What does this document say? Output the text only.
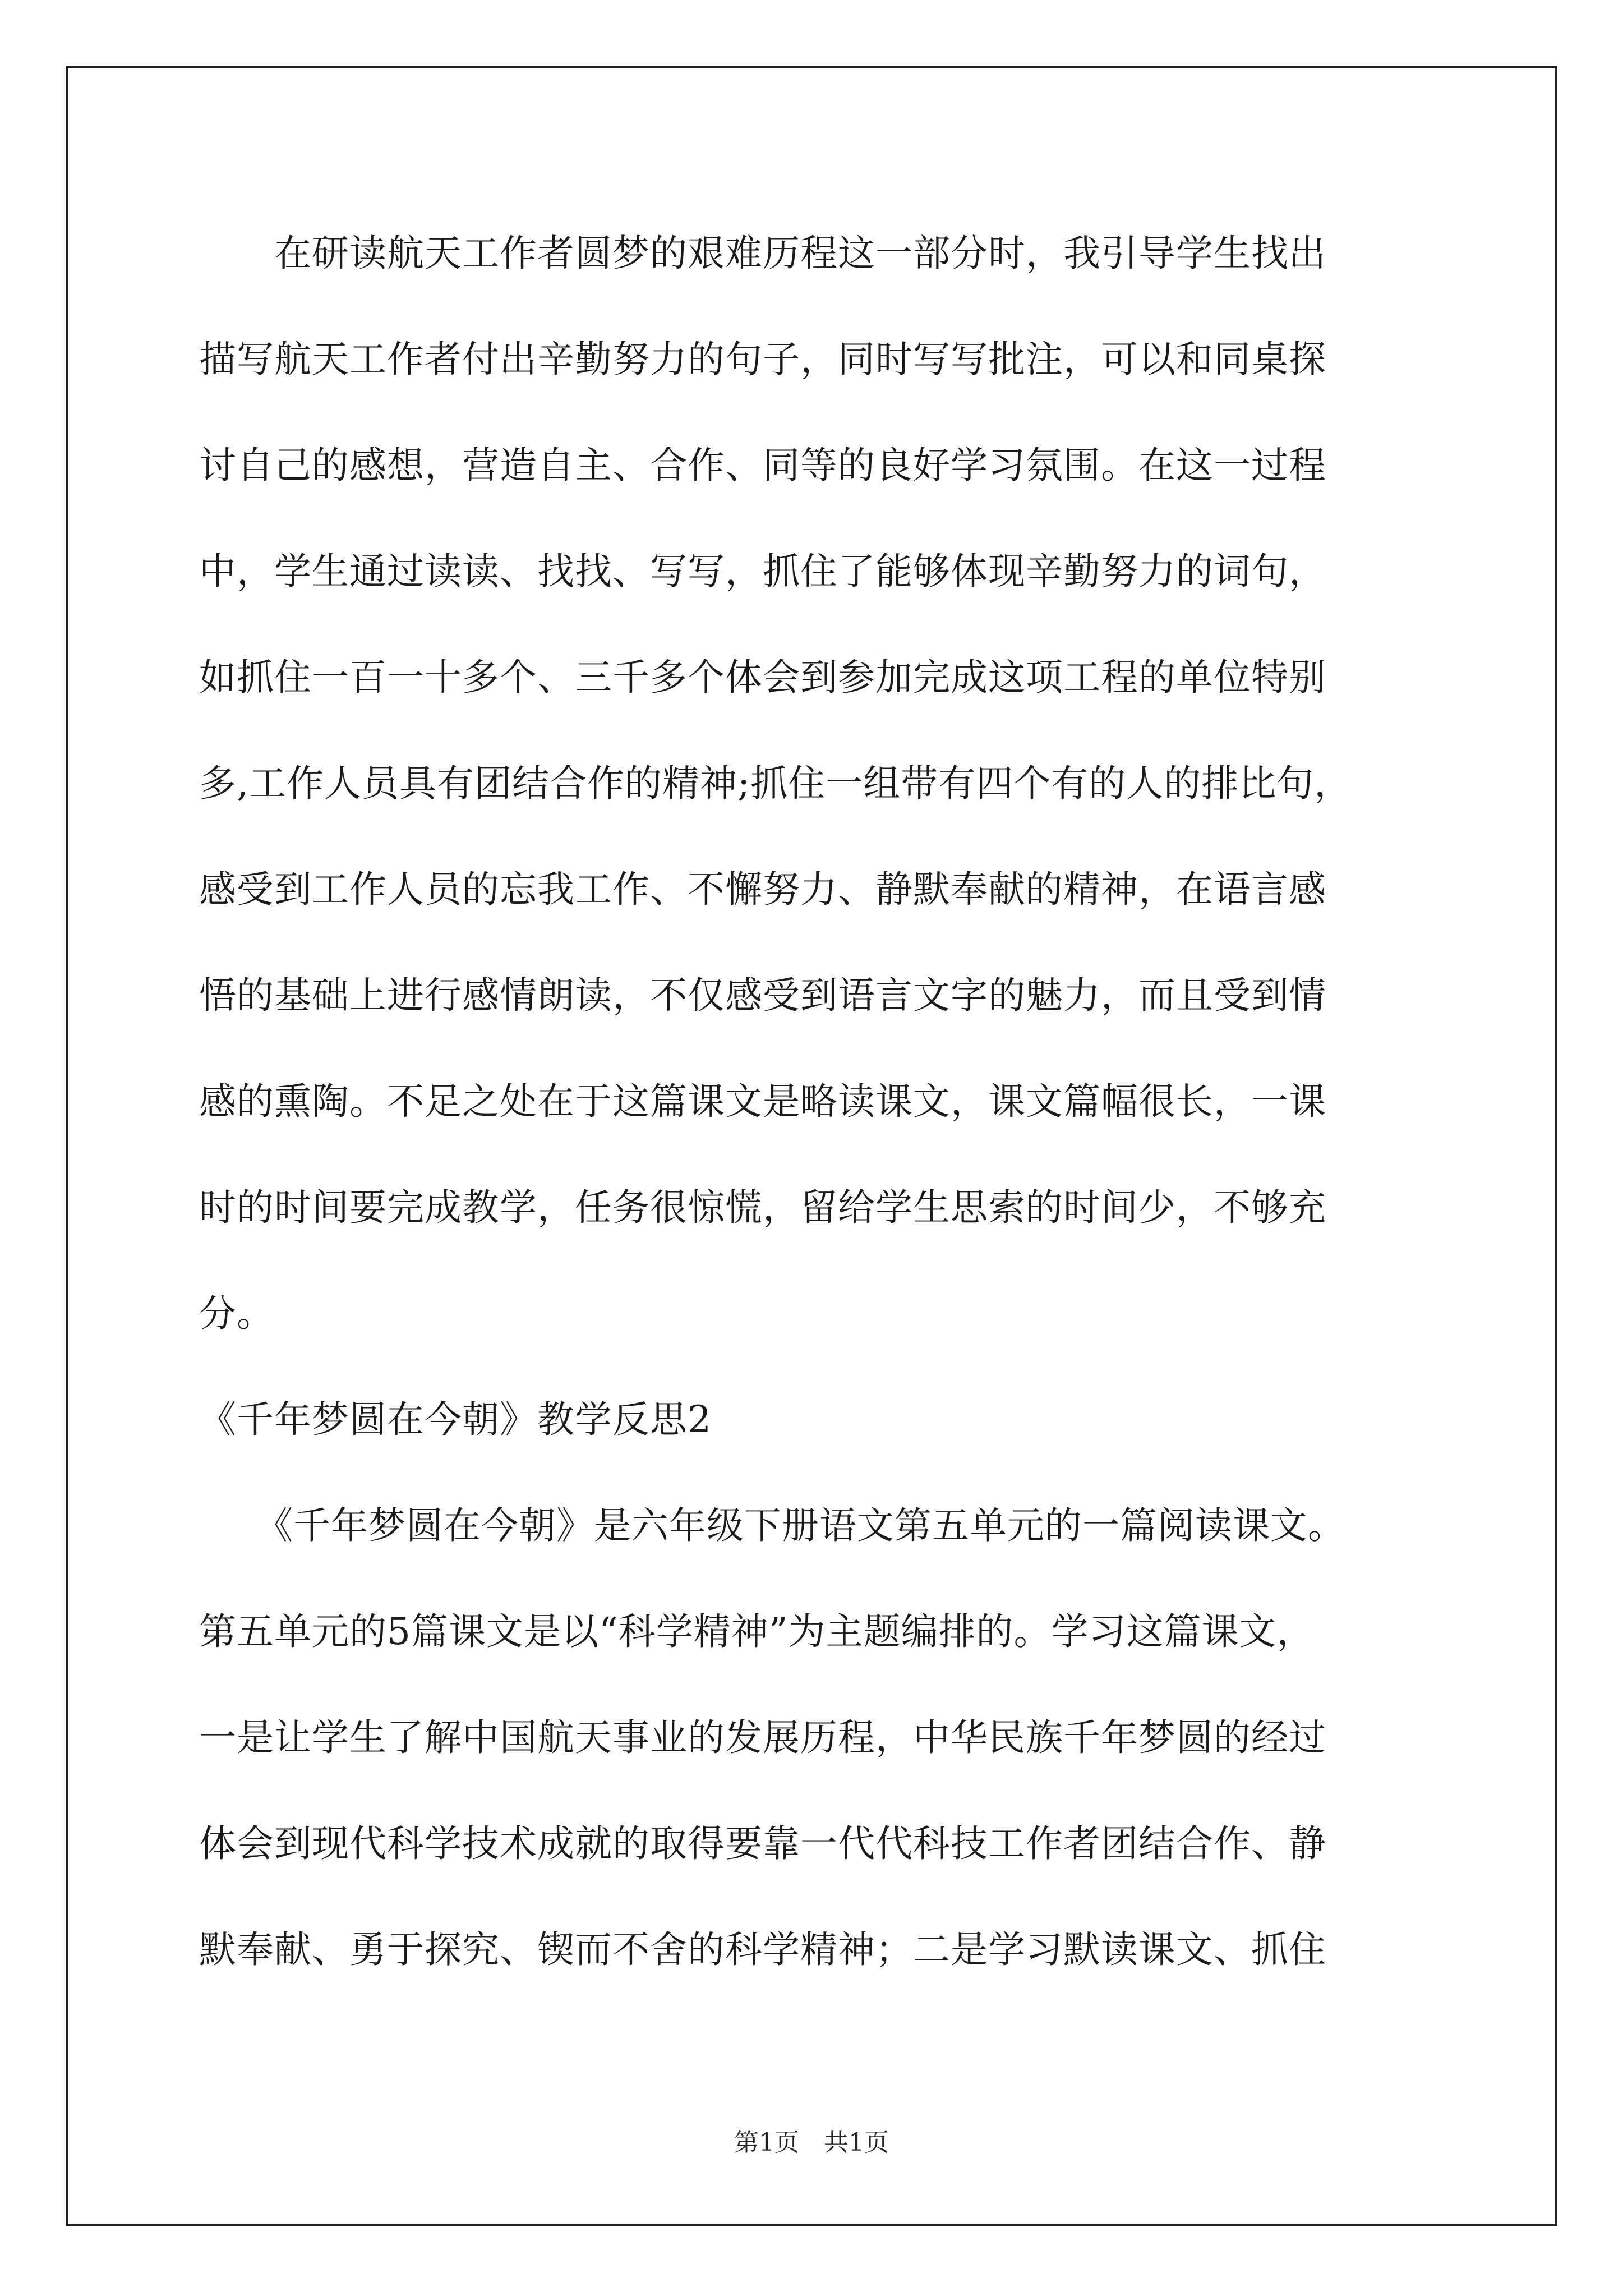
　　在研读航天工作者圆梦的艰难历程这一部分时，我引导学生找出
描写航天工作者付出辛勤努力的句子，同时写写批注，可以和同桌探
讨自己的感想，营造自主、合作、同等的良好学习氛围。在这一过程
中，学生通过读读、找找、写写，抓住了能够体现辛勤努力的词句，
如抓住一百一十多个、三千多个体会到参加完成这项工程的单位特别
多,工作人员具有团结合作的精神;抓住一组带有四个有的人的排比句，
感受到工作人员的忘我工作、不懈努力、静默奉献的精神，在语言感
悟的基础上进行感情朗读，不仅感受到语言文字的魅力，而且受到情
感的熏陶。不足之处在于这篇课文是略读课文，课文篇幅很长，一课
时的时间要完成教学，任务很惊慌，留给学生思索的时间少，不够充
分。
《千年梦圆在今朝》教学反思2
　　《千年梦圆在今朝》是六年级下册语文第五单元的一篇阅读课文。
第五单元的5篇课文是以“科学精神”为主题编排的。学习这篇课文，
一是让学生了解中国航天事业的发展历程，中华民族千年梦圆的经过
体会到现代科学技术成就的取得要靠一代代科技工作者团结合作、静
默奉献、勇于探究、锲而不舍的科学精神；二是学习默读课文、抓住
第1页　共1页
